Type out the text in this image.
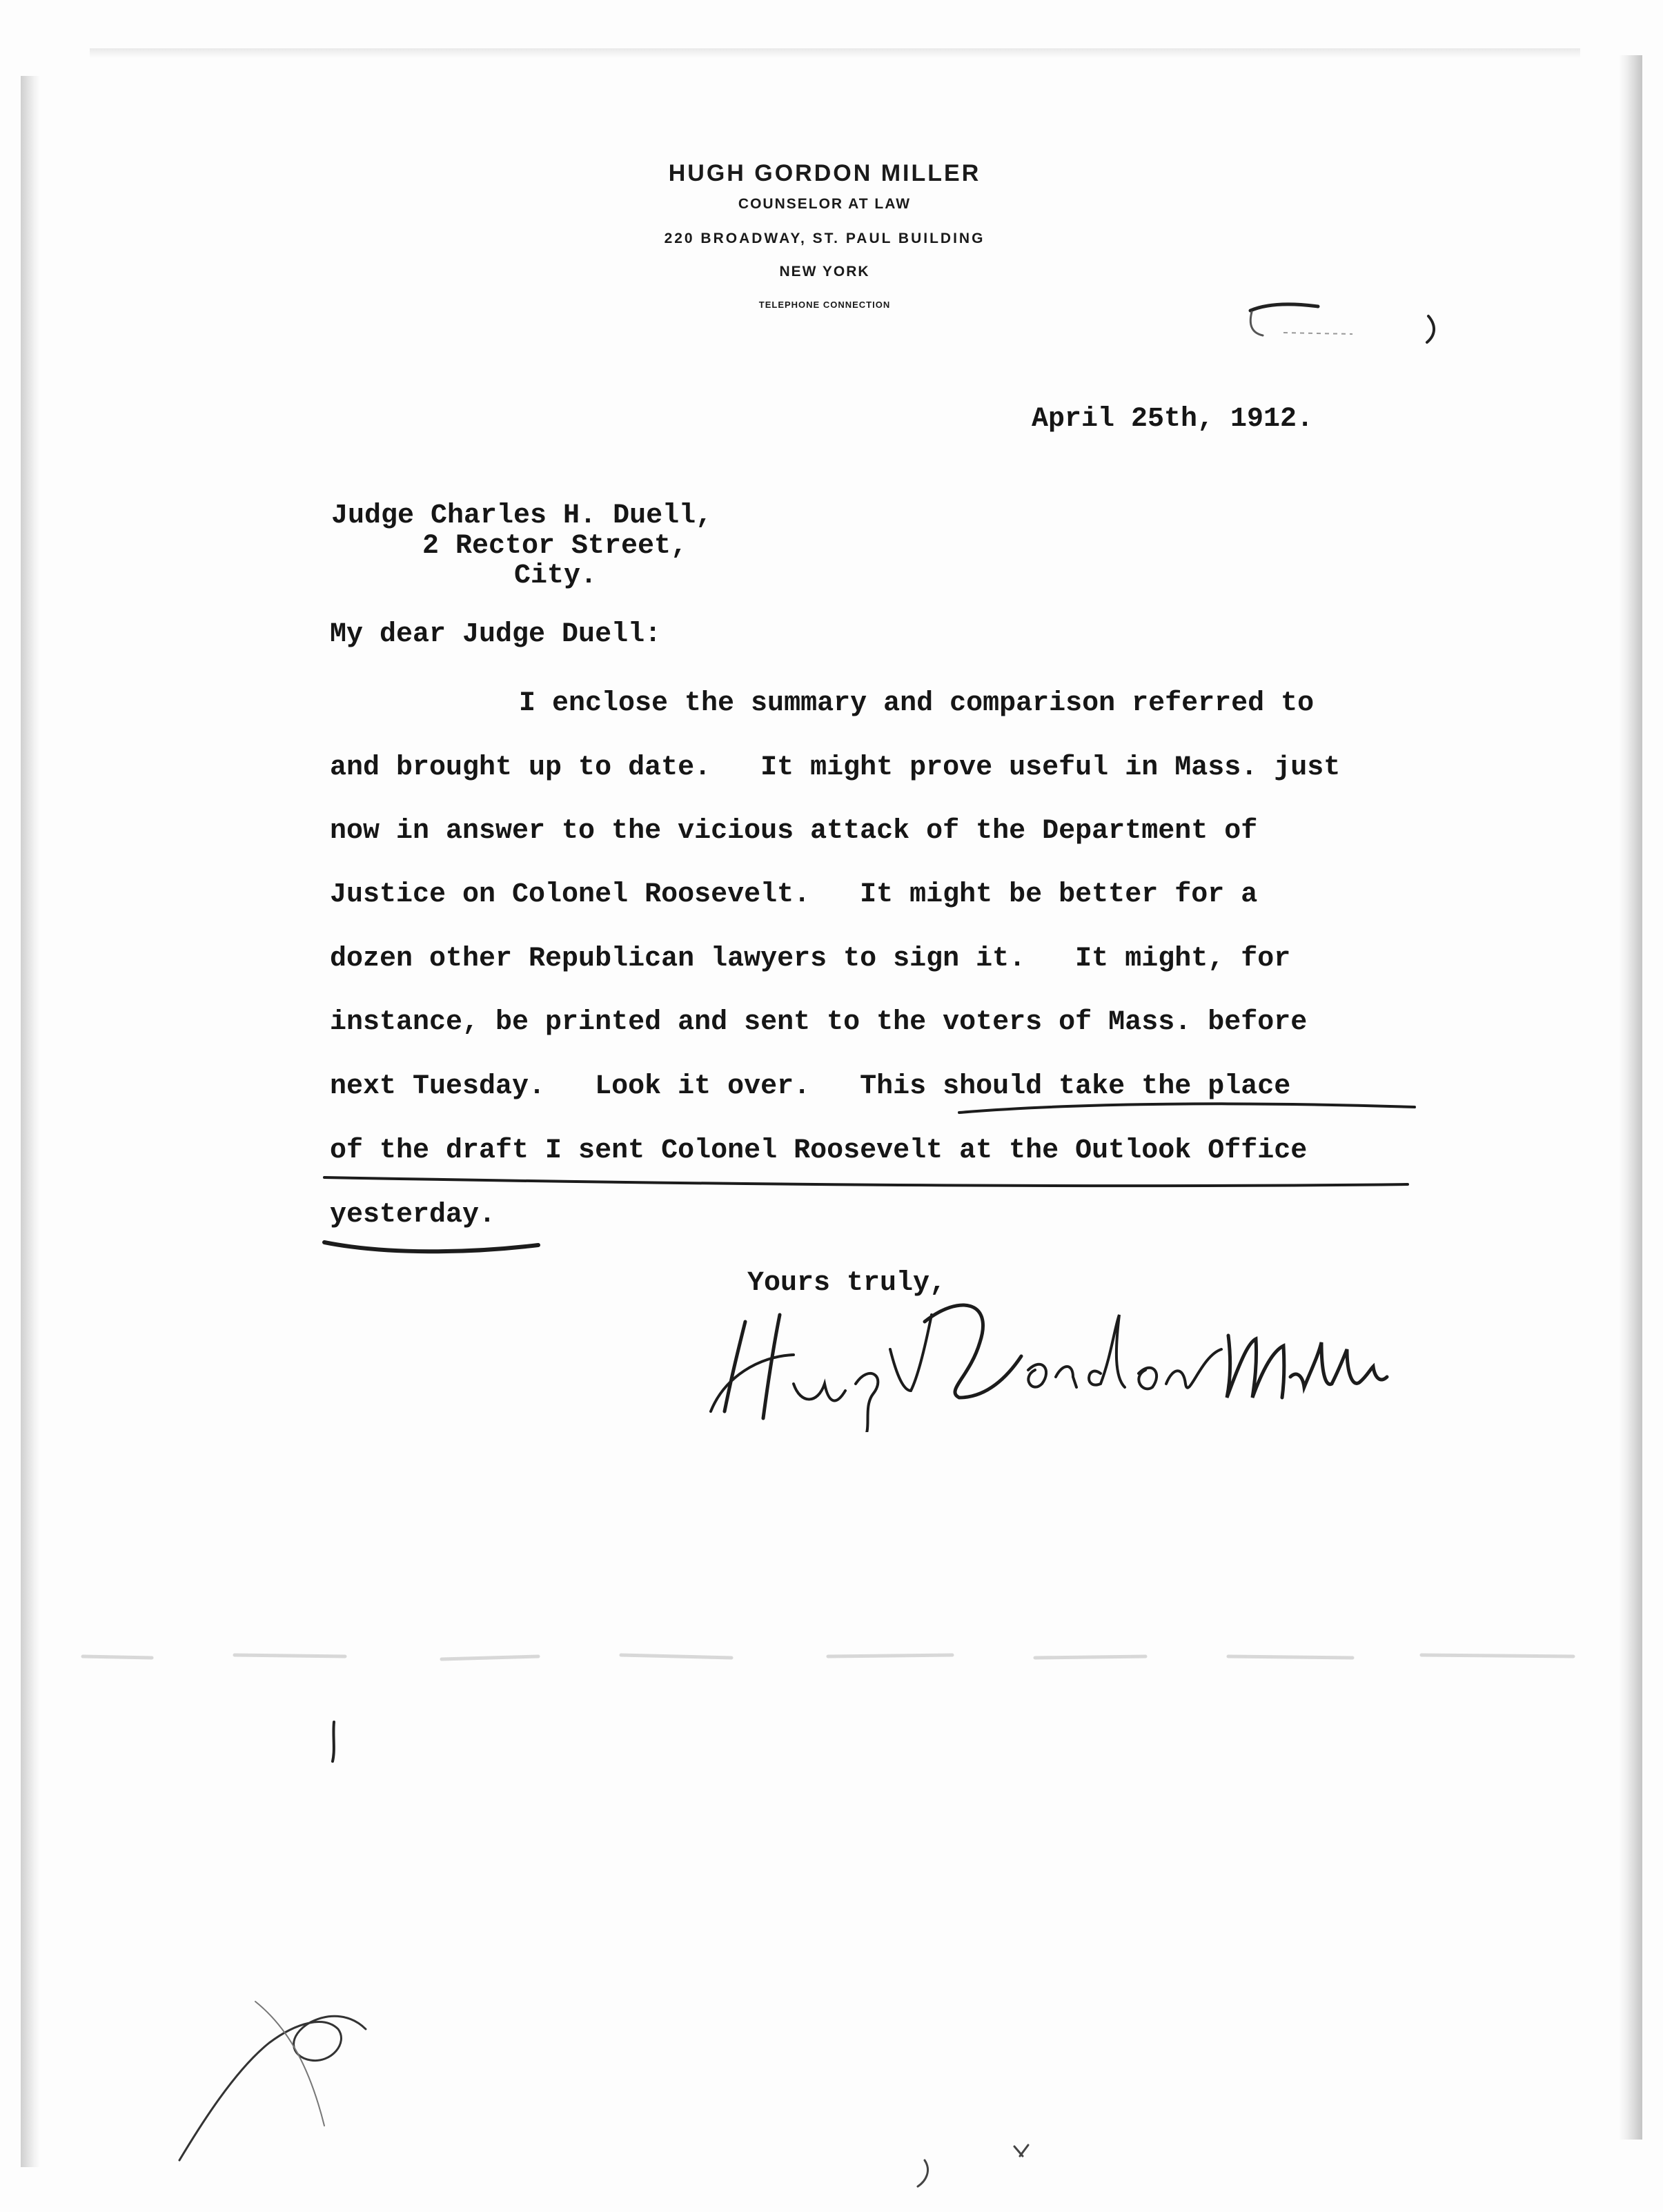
HUGH GORDON MILLER
COUNSELOR AT LAW
220 BROADWAY, ST. PAUL BUILDING
NEW YORK
TELEPHONE CONNECTION
April 25th, 1912.
Judge Charles H. Duell,
2 Rector Street,
City.
My dear Judge Duell:
I enclose the summary and comparison referred to
and brought up to date.   It might prove useful in Mass. just
now in answer to the vicious attack of the Department of
Justice on Colonel Roosevelt.   It might be better for a
dozen other Republican lawyers to sign it.   It might, for
instance, be printed and sent to the voters of Mass. before
next Tuesday.   Look it over.   This should take the place
of the draft I sent Colonel Roosevelt at the Outlook Office
yesterday.
Yours truly,
